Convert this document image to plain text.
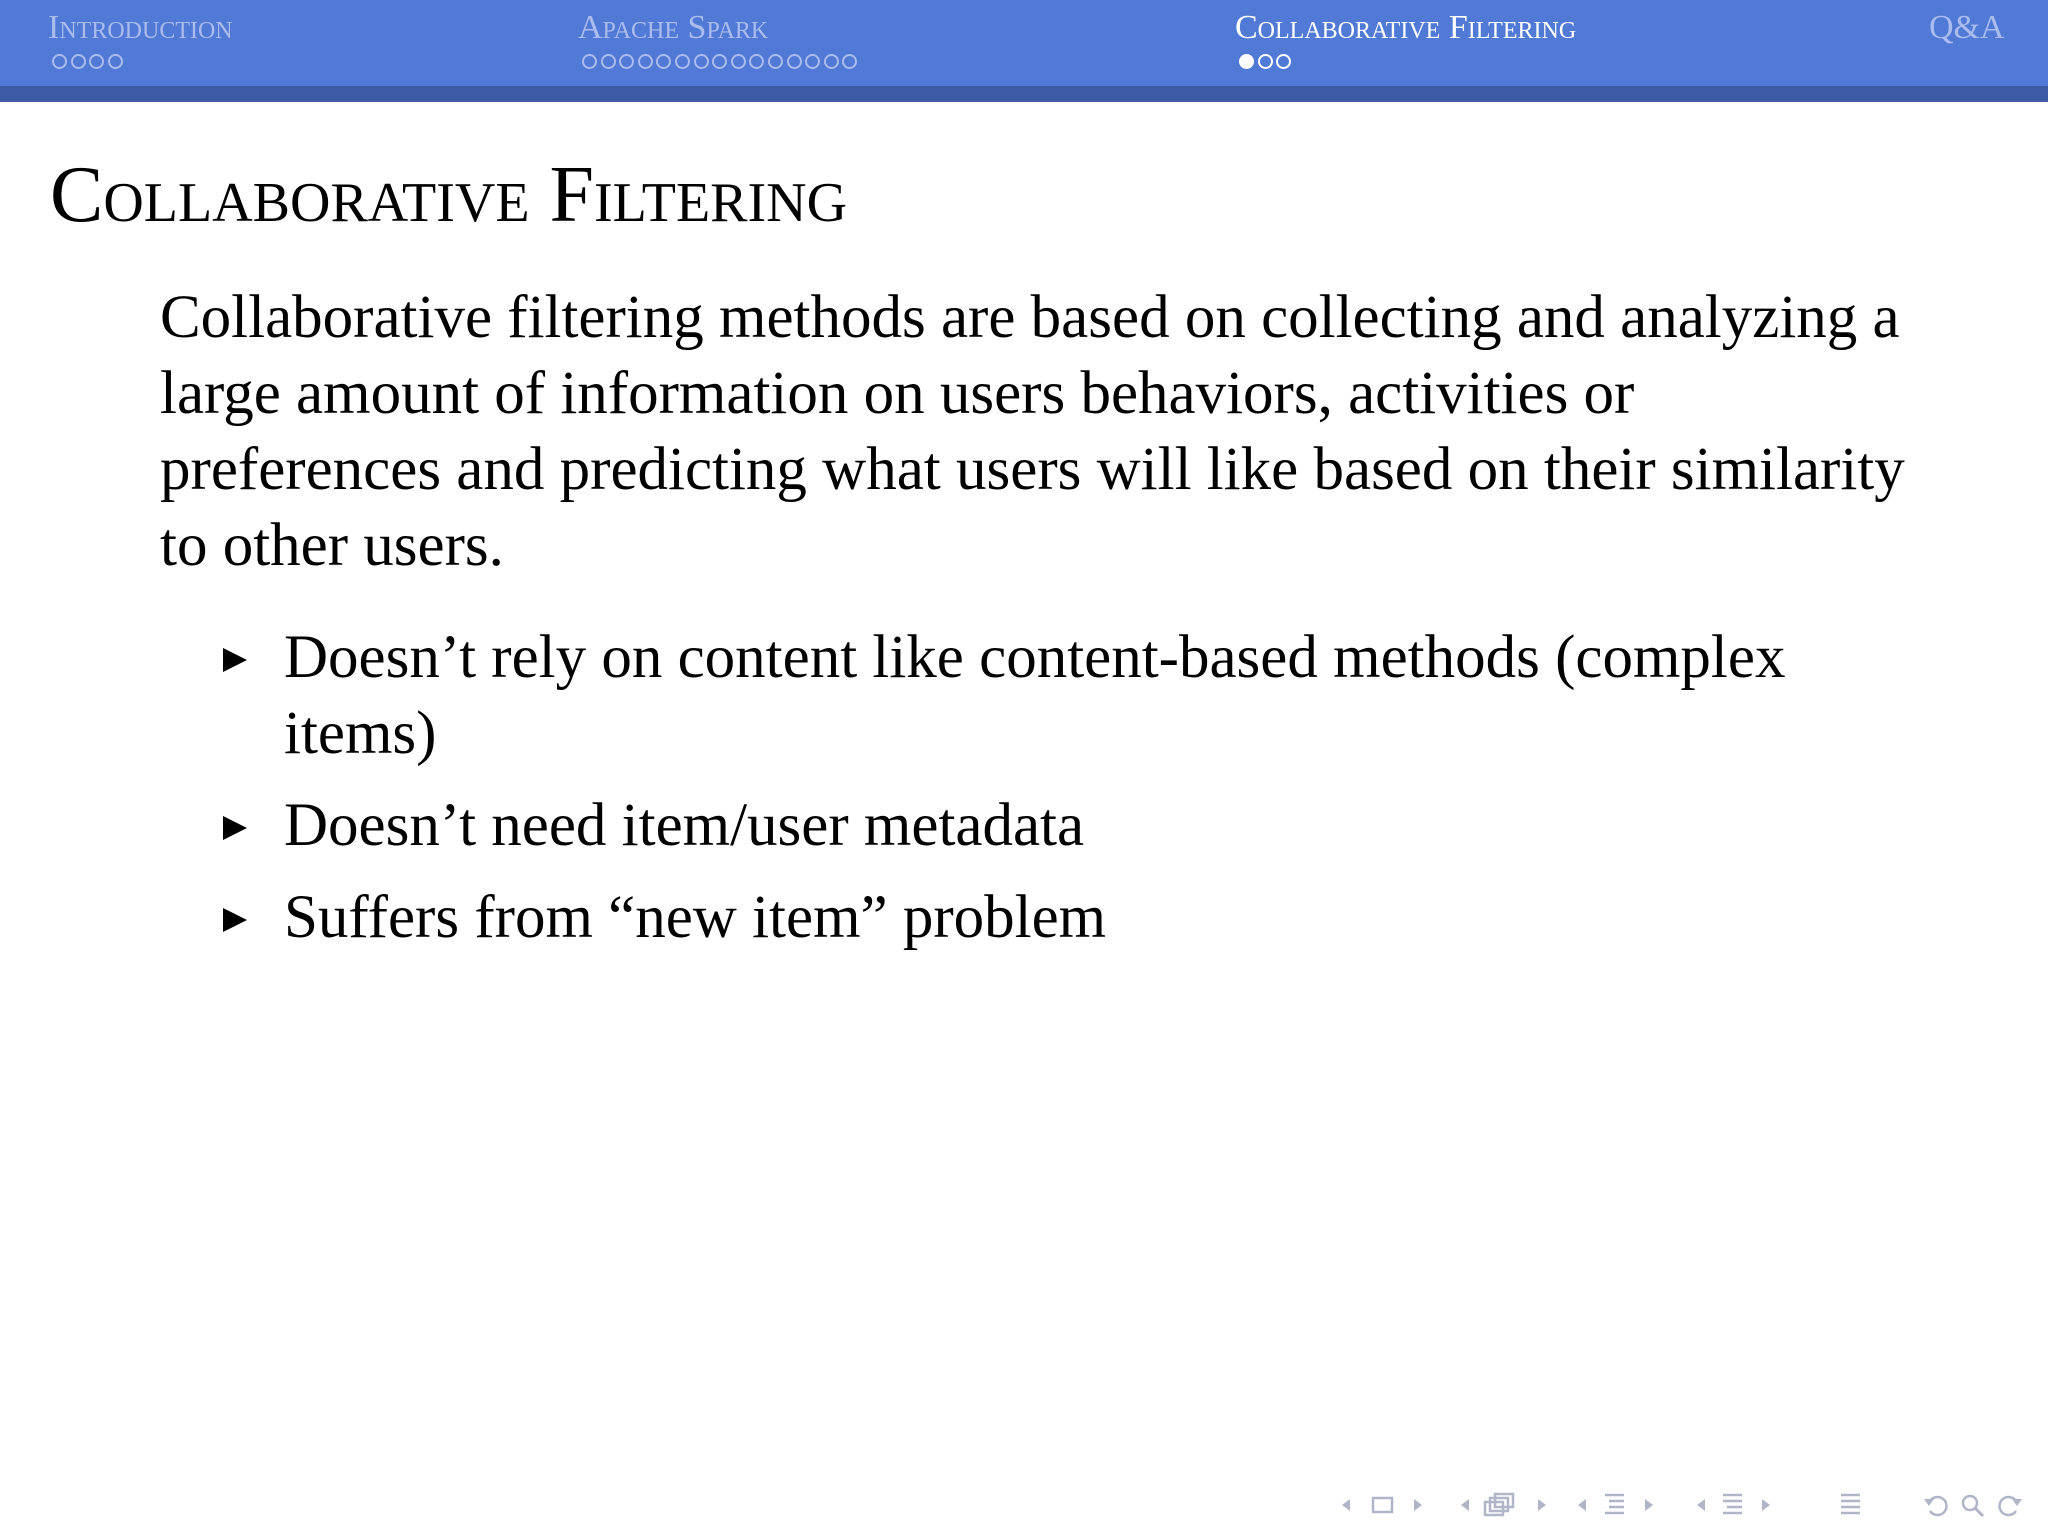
Introduction	Apache Spark	Collaborative Filtering	Q&A
Collaborative Filtering

Collaborative filtering methods are based on collecting and analyzing a large amount of information on users behaviors, activities or preferences and predicting what users will like based on their similarity to other users.

Doesn’t rely on content like content-based methods (complex items)
Doesn’t need item/user metadata
Suffers from “new item” problem
